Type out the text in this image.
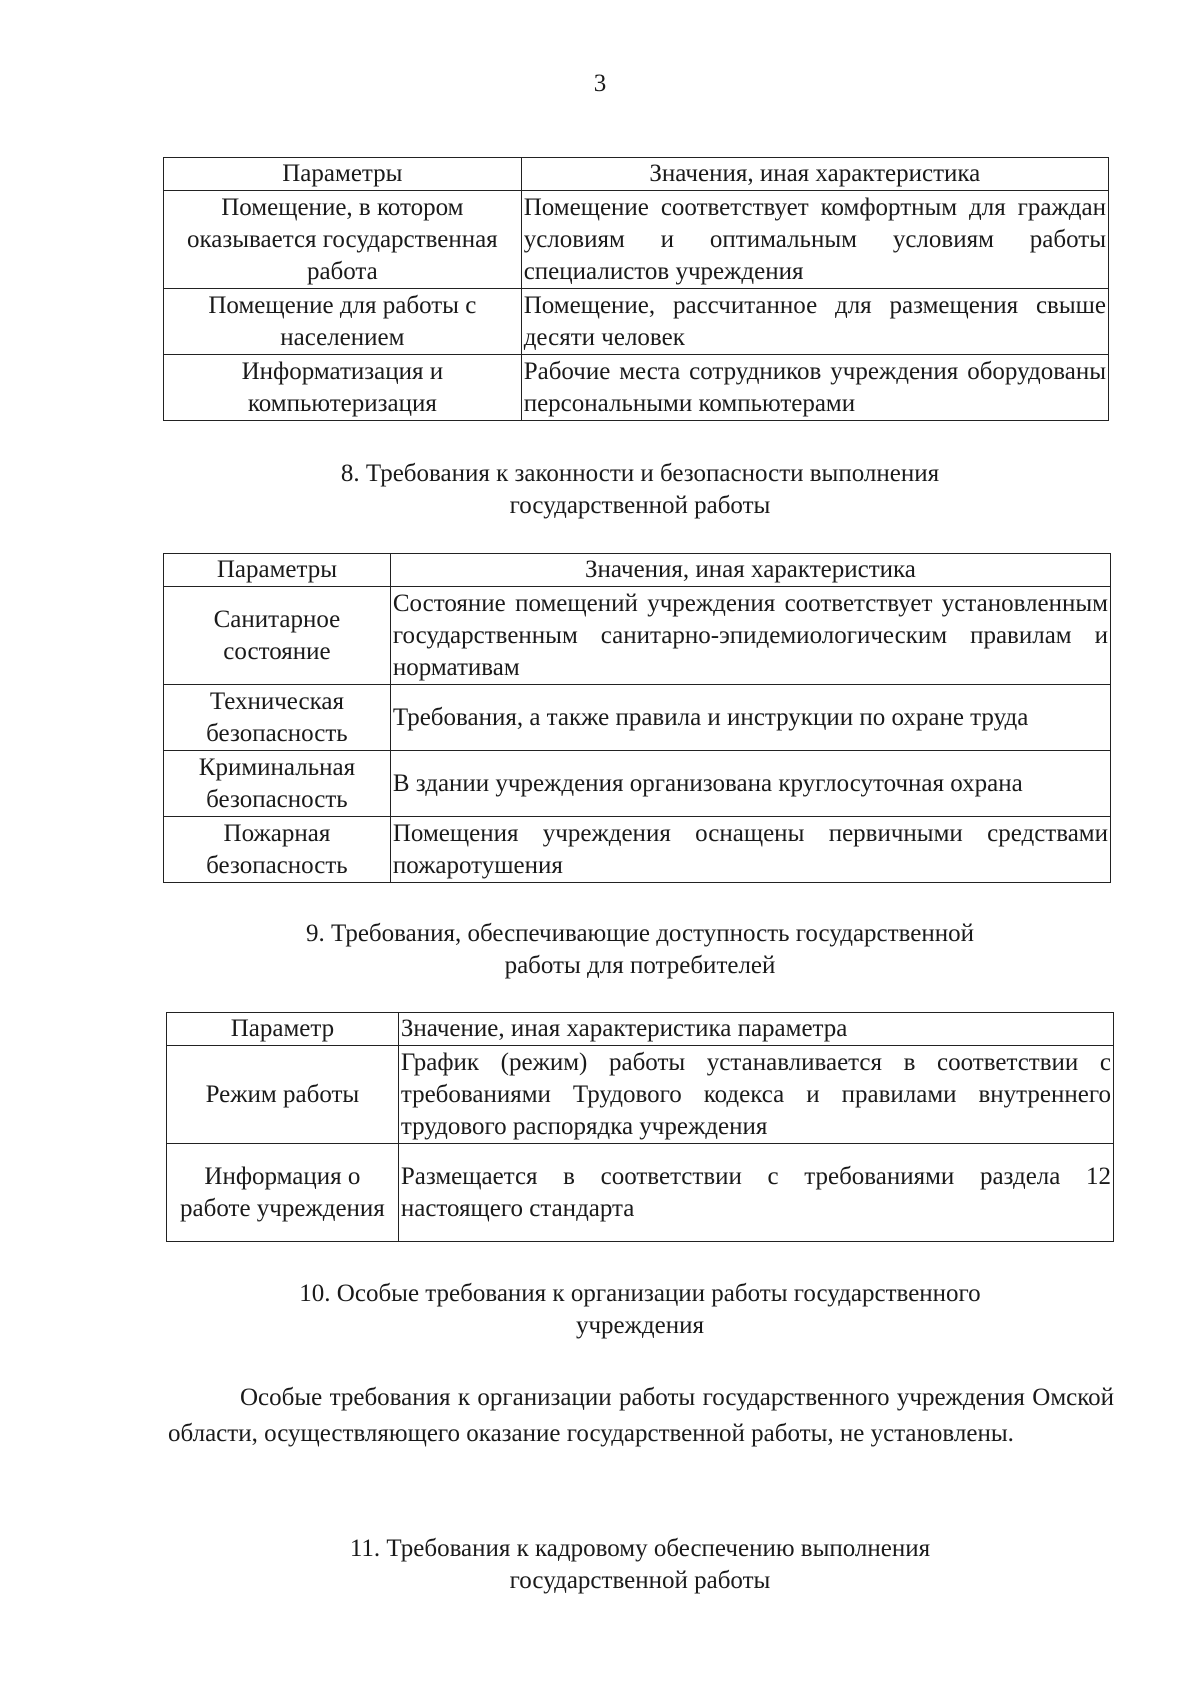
3
Параметры	Значения, иная характеристика
Помещение, в котором оказывается государственная работа	Помещение соответствует комфортным для граждан условиям и оптимальным условиям работы специалистов учреждения
Помещение для работы с населением	Помещение, рассчитанное для размещения свыше десяти человек
Информатизация и компьютеризация	Рабочие места сотрудников учреждения оборудованы персональными компьютерами
8. Требования к законности и безопасности выполнения
государственной работы
Параметры	Значения, иная характеристика
Санитарное состояние	Состояние помещений учреждения соответствует установленным государственным санитарно-эпидемиологическим правилам и нормативам
Техническая безопасность	Требования, а также правила и инструкции по охране труда
Криминальная безопасность	В здании учреждения организована круглосуточная охрана
Пожарная безопасность	Помещения учреждения оснащены первичными средствами пожаротушения
9. Требования, обеспечивающие доступность государственной
работы для потребителей
Параметр	Значение, иная характеристика параметра
Режим работы	График (режим) работы устанавливается в соответствии с требованиями Трудового кодекса и правилами внутреннего трудового распорядка учреждения
Информация о работе учреждения	Размещается в соответствии с требованиями раздела 12 настоящего стандарта
10. Особые требования к организации работы государственного
учреждения
Особые требования к организации работы государственного учреждения Омской области, осуществляющего оказание государственной работы, не установлены.
11. Требования к кадровому обеспечению выполнения
государственной работы
